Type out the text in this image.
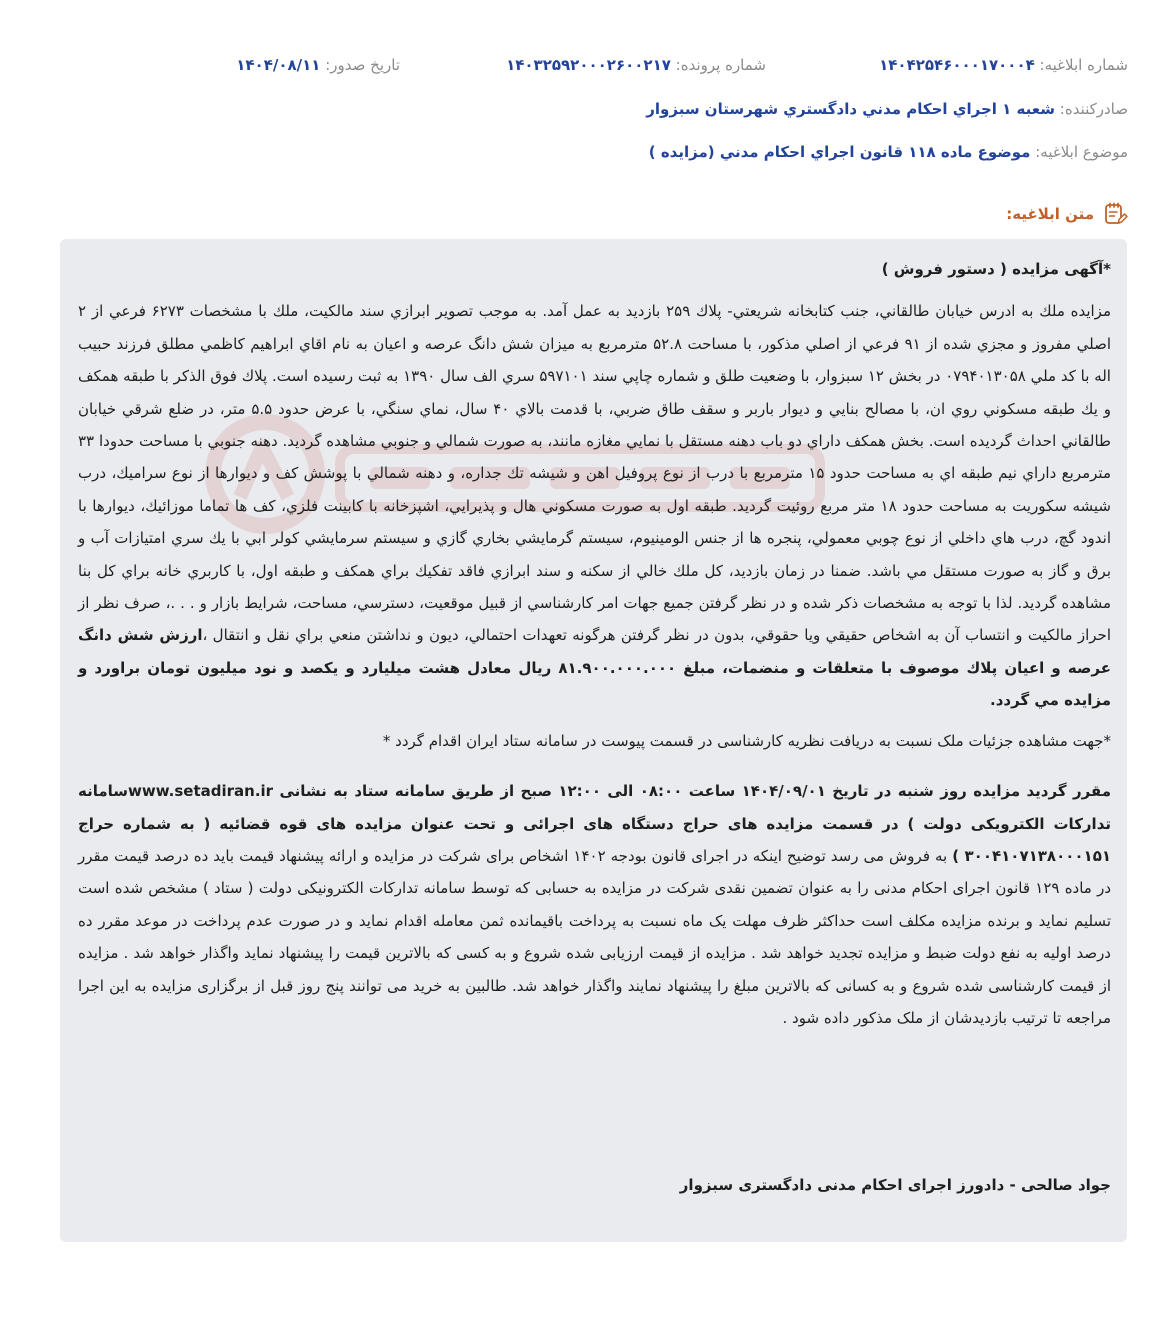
شماره ابلاغیه: ۱۴۰۴۲۵۴۶۰۰۰۱۷۰۰۰۴
شماره پرونده: ۱۴۰۳۲۵۹۲۰۰۰۲۶۰۰۲۱۷
تاریخ صدور: ۱۴۰۴/۰۸/۱۱
صادرکننده: شعبه ۱ اجراي احكام مدني دادگستري شهرستان سبزوار
موضوع ابلاغیه: موضوع ماده ۱۱۸ قانون اجراي احكام مدني (مزايده )
متن ابلاغیه:

*آگهی مزایده ( دستور فروش )

مزايده ملك به ادرس خيابان طالقاني، جنب كتابخانه شريعتي- پلاك ۲۵۹ بازديد به عمل آمد. به موجب تصوير ابرازي سند مالكيت، ملك با مشخصات ۶۲۷۳ فرعي از ۲ اصلي مفروز و مجزي شده از ۹۱ فرعي از اصلي مذكور، با مساحت ۵۲.۸ مترمربع به ميزان شش دانگ عرصه و اعيان به نام اقاي ابراهيم كاظمي مطلق فرزند حبيب اله با كد ملي ۰۷۹۴۰۱۳۰۵۸ در بخش ۱۲ سبزوار، با وضعيت طلق و شماره چاپي سند ۵۹۷۱۰۱ سري الف سال ۱۳۹۰ به ثبت رسيده است. پلاك فوق الذكر با طبقه همكف و يك طبقه مسكوني روي ان، با مصالح بنايي و ديوار باربر و سقف طاق ضربي، با قدمت بالاي ۴۰ سال، نماي سنگي، با عرض حدود ۵.۵ متر، در ضلع شرقي خيابان طالقاني احداث گرديده است. بخش همكف داراي دو باب دهنه مستقل با نمايي مغازه مانند، به صورت شمالي و جنوبي مشاهده گرديد. دهنه جنوبي با مساحت حدودا ۳۳ مترمربع داراي نيم طبقه اي به مساحت حدود ۱۵ مترمربع با درب از نوع پروفيل اهن و شيشه تك جداره، و دهنه شمالي با پوشش كف و ديوارها از نوع سراميك، درب شيشه سكوريت به مساحت حدود ۱۸ متر مربع روئيت گرديد. طبقه اول به صورت مسكوني هال و پذيرايي، اشپزخانه با كابينت فلزي، كف ها تماما موزائيك، ديوارها با اندود گچ، درب هاي داخلي از نوع چوبي معمولي، پنجره ها از جنس الومينيوم، سيستم گرمايشي بخاري گازي و سيستم سرمايشي كولر ابي با يك سري امتيازات آب و برق و گاز به صورت مستقل مي باشد. ضمنا در زمان بازديد، كل ملك خالي از سكنه و سند ابرازي فاقد تفكيك براي همكف و طبقه اول، با كاربري خانه براي كل بنا مشاهده گرديد. لذا با توجه به مشخصات ذكر شده و در نظر گرفتن جميع جهات امر كارشناسي از قبيل موقعيت، دسترسي، مساحت، شرايط بازار و . . .، صرف نظر از احراز مالكيت و انتساب آن به اشخاص حقيقي ويا حقوقي، بدون در نظر گرفتن هرگونه تعهدات احتمالي، ديون و نداشتن منعي براي نقل و انتقال ،ارزش شش دانگ عرصه و اعيان پلاك موصوف با متعلقات و منضمات، مبلغ ۸۱.۹۰۰.۰۰۰.۰۰۰ ريال معادل هشت ميليارد و يكصد و نود ميليون تومان براورد و مزايده مي گردد.

*جهت مشاهده جزئيات ملک نسبت به دريافت نظريه کارشناسی در قسمت پيوست در سامانه ستاد ايران اقدام گردد *

مقرر گردید مزایده روز شنبه در تاریخ ۱۴۰۴/۰۹/۰۱ ساعت ۰۸:۰۰ الی ۱۲:۰۰ صبح از طریق سامانه ستاد به نشانی www.setadiran.irسامانه تدارکات الکترویکی دولت ) در قسمت مزایده های حراج دستگاه های اجرائی و تحت عنوان مزایده های قوه قضائیه ( به شماره حراج ۳۰۰۴۱۰۷۱۳۸۰۰۰۱۵۱ ) به فروش می رسد توضیح اینکه در اجرای قانون بودجه ۱۴۰۲ اشخاص برای شرکت در مزایده و ارائه پیشنهاد قیمت باید ده درصد قیمت مقرر در ماده ۱۲۹ قانون اجرای احکام مدنی را به عنوان تضمین نقدی شرکت در مزایده به حسابی که توسط سامانه تدارکات الکترونیکی دولت ( ستاد ) مشخص شده است تسلیم نماید و برنده مزایده مکلف است حداکثر ظرف مهلت یک ماه نسبت به پرداخت باقیمانده ثمن معامله اقدام نماید و در صورت عدم پرداخت در موعد مقرر ده درصد اولیه به نفع دولت ضبط و مزایده تجدید خواهد شد . مزایده از قیمت ارزیابی شده شروع و به کسی که بالاترین قیمت را پیشنهاد نماید واگذار خواهد شد . مزایده از قیمت کارشناسی شده شروع و به کسانی که بالاترین مبلغ را پیشنهاد نمایند واگذار خواهد شد. طالبین به خرید می توانند پنج روز قبل از برگزاری مزایده به این اجرا مراجعه تا ترتیب بازدیدشان از ملک مذکور داده شود .

جواد صالحی - دادورز اجرای احکام مدنی دادگستری سبزوار
